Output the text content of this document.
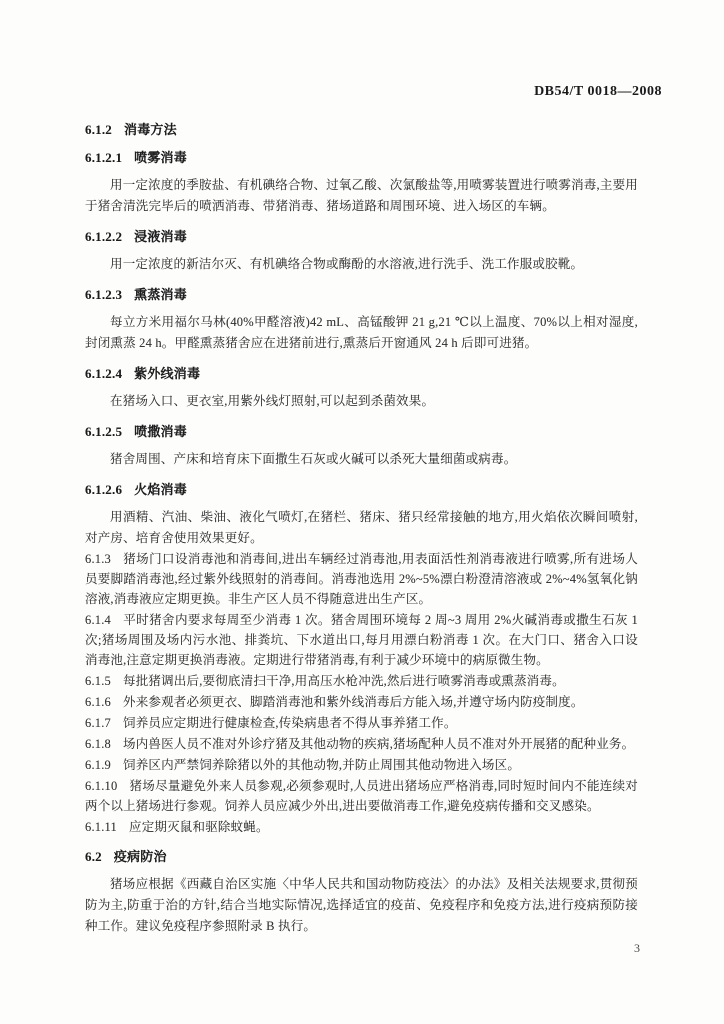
DB54/T 0018—2008
6.1.2 消毒方法
6.1.2.1 喷雾消毒

用一定浓度的季胺盐、有机碘络合物、过氧乙酸、次氯酸盐等,用喷雾装置进行喷雾消毒,主要用于猪舍清洗完毕后的喷洒消毒、带猪消毒、猪场道路和周围环境、进入场区的车辆。

6.1.2.2 浸液消毒

用一定浓度的新洁尔灭、有机碘络合物或酶酚的水溶液,进行洗手、洗工作服或胶靴。

6.1.2.3 熏蒸消毒

每立方米用福尔马林(40%甲醛溶液)42 mL、高锰酸钾 21 g,21 ℃以上温度、70%以上相对湿度,封闭熏蒸 24 h。甲醛熏蒸猪舍应在进猪前进行,熏蒸后开窗通风 24 h 后即可进猪。

6.1.2.4 紫外线消毒

在猪场入口、更衣室,用紫外线灯照射,可以起到杀菌效果。

6.1.2.5 喷撒消毒

猪舍周围、产床和培育床下面撒生石灰或火碱可以杀死大量细菌或病毒。

6.1.2.6 火焰消毒

用酒精、汽油、柴油、液化气喷灯,在猪栏、猪床、猪只经常接触的地方,用火焰依次瞬间喷射,对产房、培育舍使用效果更好。

6.1.3 猪场门口设消毒池和消毒间,进出车辆经过消毒池,用表面活性剂消毒液进行喷雾,所有进场人员要脚踏消毒池,经过紫外线照射的消毒间。消毒池选用 2%~5%漂白粉澄清溶液或 2%~4%氢氧化钠溶液,消毒液应定期更换。非生产区人员不得随意进出生产区。

6.1.4 平时猪舍内要求每周至少消毒 1 次。猪舍周围环境每 2 周~3 周用 2%火碱消毒或撒生石灰 1 次;猪场周围及场内污水池、排粪坑、下水道出口,每月用漂白粉消毒 1 次。在大门口、猪舍入口设消毒池,注意定期更换消毒液。定期进行带猪消毒,有利于减少环境中的病原微生物。

6.1.5 每批猪调出后,要彻底清扫干净,用高压水枪冲洗,然后进行喷雾消毒或熏蒸消毒。

6.1.6 外来参观者必须更衣、脚踏消毒池和紫外线消毒后方能入场,并遵守场内防疫制度。

6.1.7 饲养员应定期进行健康检查,传染病患者不得从事养猪工作。

6.1.8 场内兽医人员不准对外诊疗猪及其他动物的疾病,猪场配种人员不准对外开展猪的配种业务。

6.1.9 饲养区内严禁饲养除猪以外的其他动物,并防止周围其他动物进入场区。

6.1.10 猪场尽量避免外来人员参观,必须参观时,人员进出猪场应严格消毒,同时短时间内不能连续对两个以上猪场进行参观。饲养人员应减少外出,进出要做消毒工作,避免疫病传播和交叉感染。

6.1.11 应定期灭鼠和驱除蚊蝇。

6.2 疫病防治

猪场应根据《西藏自治区实施〈中华人民共和国动物防疫法〉的办法》及相关法规要求,贯彻预防为主,防重于治的方针,结合当地实际情况,选择适宜的疫苗、免疫程序和免疫方法,进行疫病预防接种工作。建议免疫程序参照附录 B 执行。

3
